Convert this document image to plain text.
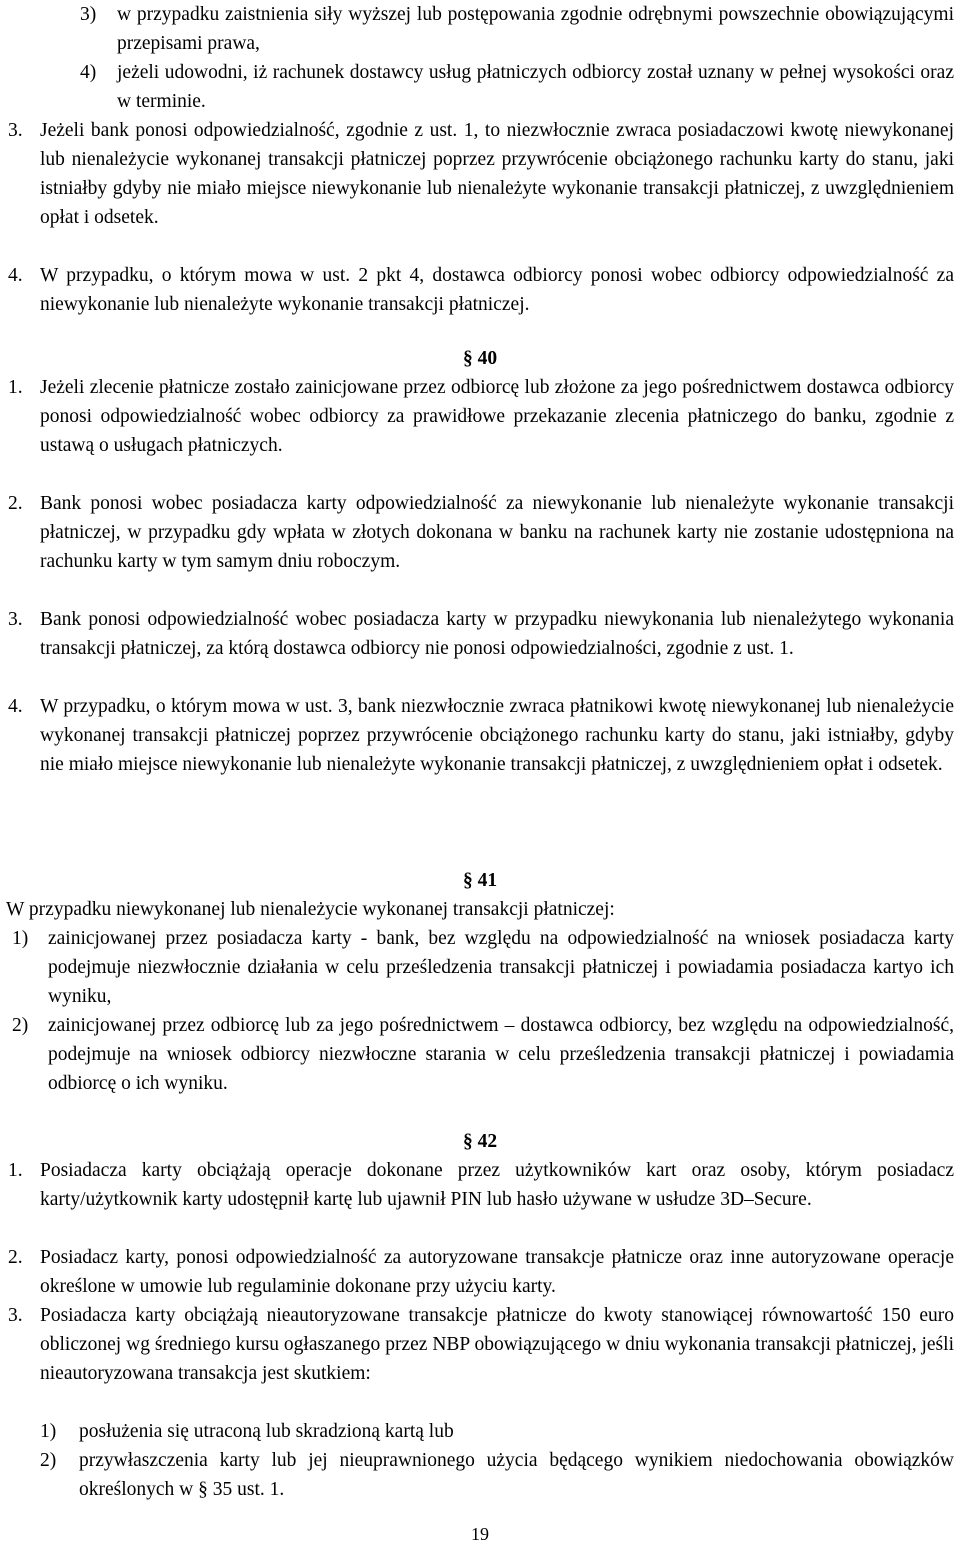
3)	w przypadku zaistnienia siły wyższej lub postępowania zgodnie odrębnymi powszechnie obowiązującymi przepisami prawa,
4)	jeżeli udowodni, iż rachunek dostawcy usług płatniczych odbiorcy został uznany w pełnej wysokości oraz w terminie.
3. Jeżeli bank ponosi odpowiedzialność, zgodnie z ust. 1, to niezwłocznie zwraca posiadaczowi kwotę niewykonanej lub nienależycie wykonanej transakcji płatniczej poprzez przywrócenie obciążonego rachunku karty do stanu, jaki istniałby gdyby nie miało miejsce niewykonanie lub nienależyte wykonanie transakcji płatniczej, z uwzględnieniem opłat i odsetek.
4. W przypadku, o którym mowa w ust. 2 pkt 4, dostawca odbiorcy ponosi wobec odbiorcy odpowiedzialność za niewykonanie lub nienależyte wykonanie transakcji płatniczej.
§ 40
1. Jeżeli zlecenie płatnicze zostało zainicjowane przez odbiorcę lub złożone za jego pośrednictwem dostawca odbiorcy ponosi odpowiedzialność wobec odbiorcy za prawidłowe przekazanie zlecenia płatniczego do banku, zgodnie z ustawą o usługach płatniczych.
2. Bank ponosi wobec posiadacza karty odpowiedzialność za niewykonanie lub nienależyte wykonanie transakcji płatniczej, w przypadku gdy wpłata w złotych dokonana w banku na rachunek karty nie zostanie udostępniona na rachunku karty w tym samym dniu roboczym.
3. Bank ponosi odpowiedzialność wobec posiadacza karty w przypadku niewykonania lub nienależytego wykonania transakcji płatniczej, za którą dostawca odbiorcy nie ponosi odpowiedzialności, zgodnie z ust. 1.
4. W przypadku, o którym mowa w ust. 3, bank niezwłocznie zwraca płatnikowi kwotę niewykonanej lub nienależycie wykonanej transakcji płatniczej poprzez przywrócenie obciążonego rachunku karty do stanu, jaki istniałby, gdyby nie miało miejsce niewykonanie lub nienależyte wykonanie transakcji płatniczej, z uwzględnieniem opłat i odsetek.
§ 41
W przypadku niewykonanej lub nienależycie wykonanej transakcji płatniczej:
1)	zainicjowanej przez posiadacza karty - bank, bez względu na odpowiedzialność na wniosek posiadacza karty podejmuje niezwłocznie działania w celu prześledzenia transakcji płatniczej i powiadamia posiadacza kartyo ich wyniku,
2)	zainicjowanej przez odbiorcę lub za jego pośrednictwem – dostawca odbiorcy, bez względu na odpowiedzialność, podejmuje na wniosek odbiorcy niezwłoczne starania w celu prześledzenia transakcji płatniczej i powiadamia odbiorcę o ich wyniku.
§ 42
1. Posiadacza karty obciążają operacje dokonane przez użytkowników kart oraz osoby, którym posiadacz karty/użytkownik karty udostępnił kartę lub ujawnił PIN lub hasło używane w usłudze 3D–Secure.
2. Posiadacz karty, ponosi odpowiedzialność za autoryzowane transakcje płatnicze oraz inne autoryzowane operacje określone w umowie lub regulaminie dokonane przy użyciu karty.
3. Posiadacza karty obciążają nieautoryzowane transakcje płatnicze do kwoty stanowiącej równowartość 150 euro obliczonej wg średniego kursu ogłaszanego przez NBP obowiązującego w dniu wykonania transakcji płatniczej, jeśli nieautoryzowana transakcja jest skutkiem:
1)	posłużenia się utraconą lub skradzioną kartą lub
2)	przywłaszczenia karty lub jej nieuprawnionego użycia będącego wynikiem niedochowania obowiązków określonych w § 35 ust. 1.
19
